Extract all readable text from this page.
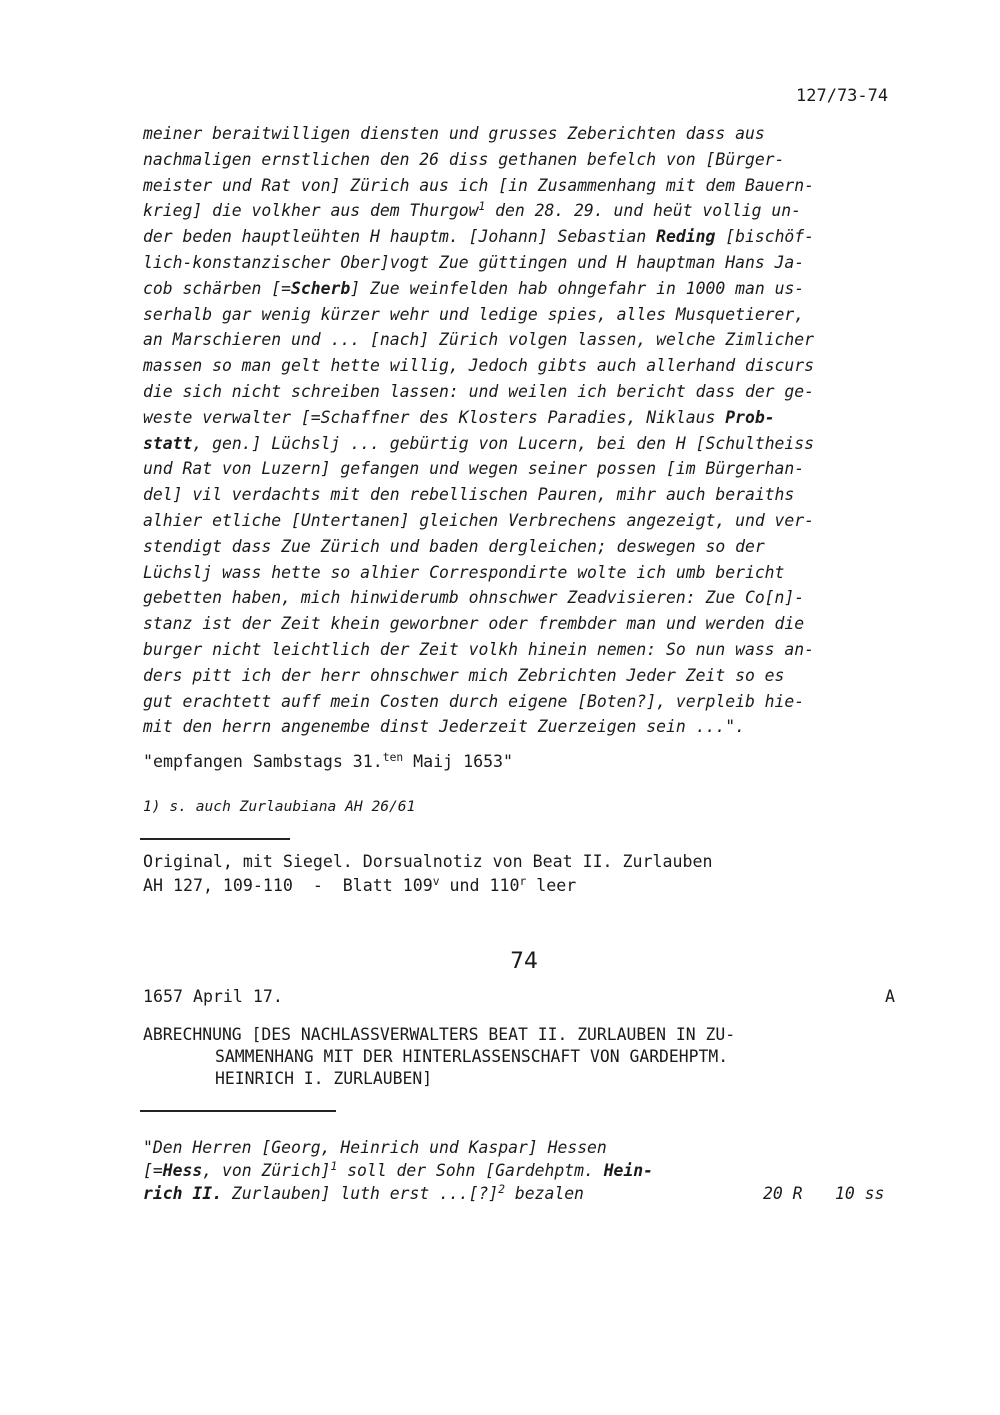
127/73-74
meiner beraitwilligen diensten und grusses Zeberichten dass aus
nachmaligen ernstlichen den 26 diss gethanen befelch von [Bürger-
meister und Rat von] Zürich aus ich [in Zusammenhang mit dem Bauern-
krieg] die volkher aus dem Thurgow$^1$ den 28. 29. und heüt vollig un-
der beden hauptleühten H hauptm. [Johann] Sebastian Reding [bischöf-
lich-konstanzischer Ober]vogt Zue güttingen und H hauptman Hans Ja-
cob schärben [=Scherb] Zue weinfelden hab ohngefahr in 1000 man us-
serhalb gar wenig kürzer wehr und ledige spies, alles Musquetierer,
an Marschieren und ... [nach] Zürich volgen lassen, welche Zimlicher
massen so man gelt hette willig, Jedoch gibts auch allerhand discurs
die sich nicht schreiben lassen: und weilen ich bericht dass der ge-
weste verwalter [=Schaffner des Klosters Paradies, Niklaus Prob-
statt, gen.] Lüchslj ... gebürtig von Lucern, bei den H [Schultheiss
und Rat von Luzern] gefangen und wegen seiner possen [im Bürgerhan-
del] vil verdachts mit den rebellischen Pauren, mihr auch beraiths
alhier etliche [Untertanen] gleichen Verbrechens angezeigt, und ver-
stendigt dass Zue Zürich und baden dergleichen; deswegen so der
Lüchslj wass hette so alhier Correspondirte wolte ich umb bericht
gebetten haben, mich hinwiderumb ohnschwer Zeadvisieren: Zue Co[n]-
stanz ist der Zeit khein geworbner oder frembder man und werden die
burger nicht leichtlich der Zeit volkh hinein nemen: So nun wass an-
ders pitt ich der herr ohnschwer mich Zebrichten Jeder Zeit so es
gut erachtett auff mein Costen durch eigene [Boten?], verpleib hie-
mit den herrn angenembe dinst Jederzeit Zuerzeigen sein ...".
"empfangen Sambstags 31.$^{ten}$ Maij 1653"
1) s. auch Zurlaubiana AH 26/61
Original, mit Siegel. Dorsualnotiz von Beat II. Zurlauben
AH 127, 109-110  -  Blatt 109$^v$ und 110$^r$ leer
74
1657 April 17.	A
ABRECHNUNG [DES NACHLASSVERWALTERS BEAT II. ZURLAUBEN IN ZU-
SAMMENHANG MIT DER HINTERLASSENSCHAFT VON GARDEHPTM.
HEINRICH I. ZURLAUBEN]
"Den Herren [Georg, Heinrich und Kaspar] Hessen
[=Hess, von Zürich]$^1$ soll der Sohn [Gardehptm. Hein-
rich II. Zurlauben] luth erst ...[?]$^2$ bezalen	20 R 10 ss
